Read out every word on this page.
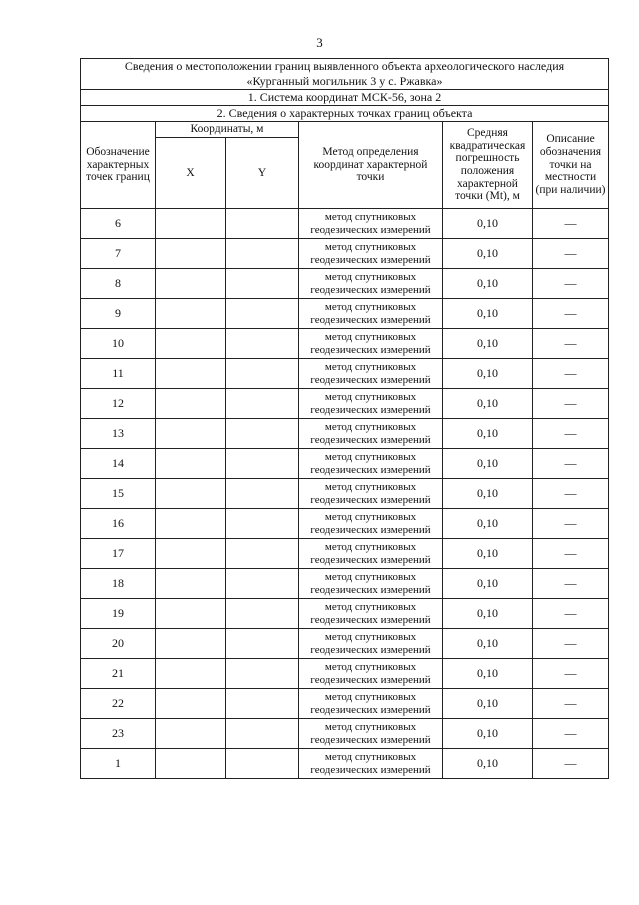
3
Сведения о местоположении границ выявленного объекта археологического наследия
«Курганный могильник 3 у с. Ржавка»					

1. Система координат МСК-56, зона 2					
2. Сведения о характерных точках границ объекта					
Обозначение характерных точек границ	Координаты, м		Метод определения координат характерной точки	Средняя квадратическая погрешность положения характерной точки (Mt), м	Описание обозначения точки на местности (при наличии)
	X	Y			
6			метод спутниковых геодезических измерений	0,10	—
7			метод спутниковых геодезических измерений	0,10	—
8			метод спутниковых геодезических измерений	0,10	—
9			метод спутниковых геодезических измерений	0,10	—
10			метод спутниковых геодезических измерений	0,10	—
11			метод спутниковых геодезических измерений	0,10	—
12			метод спутниковых геодезических измерений	0,10	—
13			метод спутниковых геодезических измерений	0,10	—
14			метод спутниковых геодезических измерений	0,10	—
15			метод спутниковых геодезических измерений	0,10	—
16			метод спутниковых геодезических измерений	0,10	—
17			метод спутниковых геодезических измерений	0,10	—
18			метод спутниковых геодезических измерений	0,10	—
19			метод спутниковых геодезических измерений	0,10	—
20			метод спутниковых геодезических измерений	0,10	—
21			метод спутниковых геодезических измерений	0,10	—
22			метод спутниковых геодезических измерений	0,10	—
23			метод спутниковых геодезических измерений	0,10	—
1			метод спутниковых геодезических измерений	0,10	—
